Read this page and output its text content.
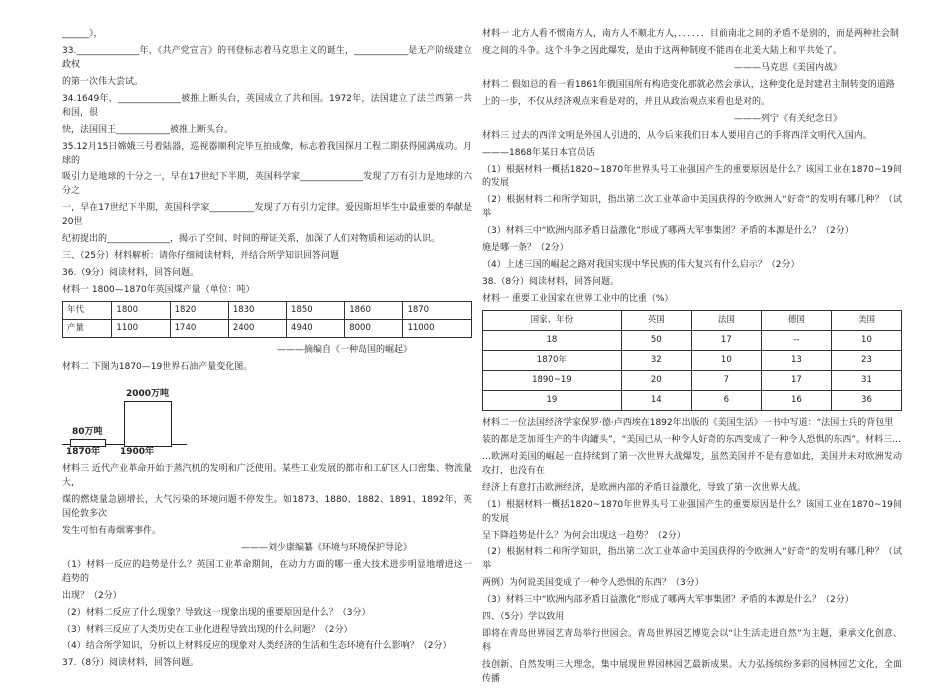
______》，

33.______________年，《共产党宣言》的刊登标志着马克思主义的诞生，____________是无产阶级建立政权

的第一次伟大尝试。

34.1649年，______________被推上断头台，英国成立了共和国。1972年，法国建立了法兰西第一共和国，很

快，法国国王____________被推上断头台。

35.12月15日嫦娥三号着陆器，巡视器顺利完毕互拍成像，标志着我国探月工程二期获得圆满成功。月球的

吸引力是地球的十分之一，早在17世纪下半期，英国科学家______________发现了万有引力是地球的六分之

一，早在17世纪下半期，英国科学家__________发现了万有引力定律。爱因斯坦毕生中最重要的奉献是20世

纪初提出的______________，揭示了空间、时间的辩证关系，加深了人们对物质和运动的认识。

三、（25分）材料解析：请你仔细阅读材料，并结合所学知识回答问题

36.（9分）阅读材料，回答问题。

材料一 1800—1870年英国煤产量（单位：吨）

年代	1800	1820	1830	1850	1860	1870
产量	1100	1740	2400	4940	8000	11000

———摘编自《一种岛国的崛起》

材料二 下图为1870—19世界石油产量变化图。

80万吨
1870年
2000万吨
1900年

材料三 近代产业革命开始于蒸汽机的发明和广泛使用。某些工业发展的都市和工矿区人口密集、物流量大，

煤的燃烧量急剧增长，大气污染的环境问题不停发生。如1873、1880、1882、1891、1892年，英国伦敦多次

发生可怕有毒烟雾事件。

———刘少康编纂《环境与环境保护导论》

（1）材料一反应的趋势是什么？英国工业革命期间，在动力方面的哪一重大技术进步明显地增进这一趋势的

出现？（2分）

（2）材料二反应了什么现象？导致这一现象出现的重要原因是什么？（3分）

（3）材料三反应了人类历史在工业化进程导致出现的什么问题？（2分）

（4）结合所学知识，分析以上材料反应的现象对人类经济的生活和生态环境有什么影响？（2分）

37.（8分）阅读材料，回答问题。

材料一 北方人看不惯南方人，南方人不顺北方人，．．．．．．目前南北之间的矛盾不是别的，而是两种社会制

度之间的斗争。这个斗争之因此爆发，是由于这两种制度不能再在北美大陆上和平共处了。

———马克思《美国内战》

材料二 假如总的看一看1861年俄国国所有构造变化那就必然会承认，这种变化是封建君主制转变的道路

上的一步，不仅从经济观点来看是对的，并且从政治观点来看也是对的。

———列宁《有关纪念日》

材料三 过去的西洋文明是外国人引进的，从今后来我们日本人要用自己的手将西洋文明代入国内。

———1868年某日本官员话

（1）根据材料一概括1820~1870年世界头号工业强国产生的重要原因是什么？该国工业在1870~19间的发展

（2）根据材料二和所学知识，指出第二次工业革命中美国获得的令欧洲人“好奇”的发明有哪几种？（试举

（3）材料三中“欧洲内部矛盾日益激化”形成了哪两大军事集团？矛盾的本源是什么？（2分）

施是哪一条？（2分）

（4）上述三国的崛起之路对我国实现中华民族的伟大复兴有什么启示？（2分）

38.（8分）阅读材料，回答问题。

材料一 重要工业国家在世界工业中的比重（%）

国家、年份	英国	法国	德国	美国
18	50	17	--	10
1870年	32	10	13	23
1890~19	20	7	17	31
19	14	6	16	36

材料二一位法国经济学家保罗·德·卢西埃在1892年出版的《美国生活》一书中写道：“法国士兵的背包里

装的都是芝加哥生产的牛肉罐头”，“美国已从一种令人好奇的东西变成了一种令人恐惧的东西”。材料三…

…欧洲对美国的崛起一直持续到了第一次世界大战爆发，虽然美国并不是有意如此，美国并未对欧洲发动攻打，也没有在

经济上有意打击欧洲经济，是欧洲内部的矛盾日益激化，导致了第一次世界大战。

（1）根据材料一概括1820~1870年世界头号工业强国产生的重要原因是什么？该国工业在1870~19间的发展

呈下降趋势是什么？为何会出现这一趋势？（2分）

（2）根据材料二和所学知识，指出第二次工业革命中美国获得的令欧洲人“好奇”的发明有哪几种？（试举

两例）为何说美国变成了一种令人恐惧的东西？（3分）

（3）材料三中“欧洲内部矛盾日益激化”形成了哪两大军事集团？矛盾的本源是什么？（2分）

四、（5分）学以致用

即将在青岛世界园艺青岛举行世园会。青岛世界园艺博览会以“让生活走进自然”为主题，秉承文化创意、科

技创新、自然发明三大理念，集中展现世界园林园艺最新成果。大力弘扬缤纷多彩的园林园艺文化，全面传播
